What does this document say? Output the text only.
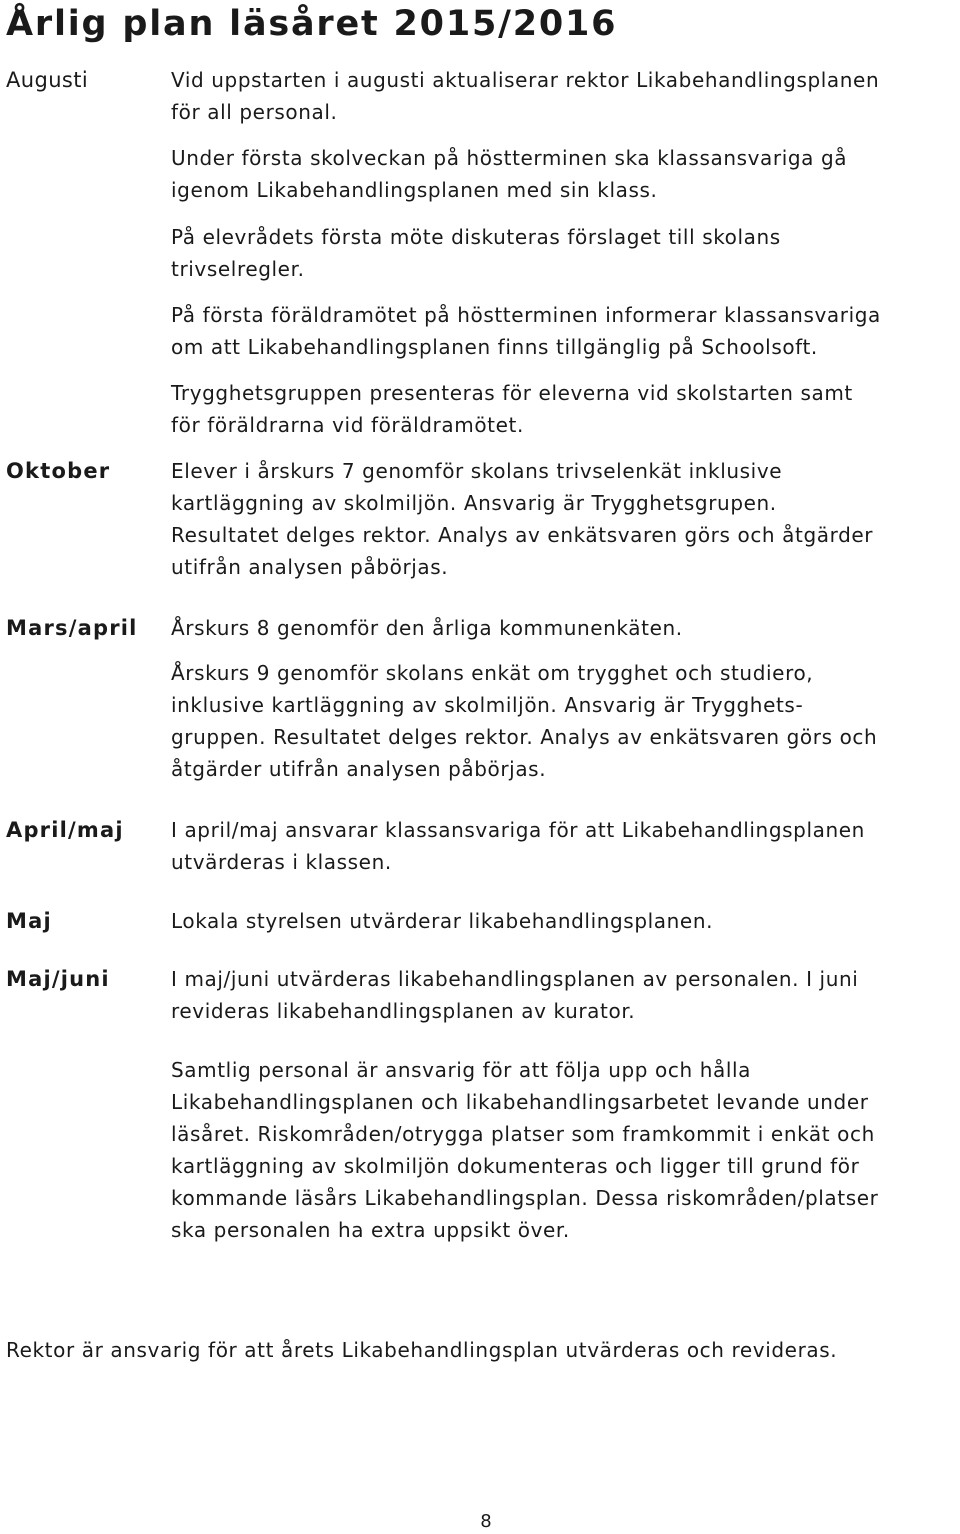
Årlig plan läsåret 2015/2016
Augusti
Oktober
Mars/april
April/maj
Maj
Maj/juni
Vid uppstarten i augusti aktualiserar rektor Likabehandlingsplanen
för all personal.
Under första skolveckan på höstterminen ska klassansvariga gå
igenom Likabehandlingsplanen med sin klass.
På elevrådets första möte diskuteras förslaget till skolans
trivselregler.
På första föräldramötet på höstterminen informerar klassansvariga
om att Likabehandlingsplanen finns tillgänglig på Schoolsoft.
Trygghetsgruppen presenteras för eleverna vid skolstarten samt
för föräldrarna vid föräldramötet.
Elever i årskurs 7 genomför skolans trivselenkät inklusive
kartläggning av skolmiljön. Ansvarig är Trygghetsgrupen.
Resultatet delges rektor. Analys av enkätsvaren görs och åtgärder
utifrån analysen påbörjas.
Årskurs 8 genomför den årliga kommunenkäten.
Årskurs 9 genomför skolans enkät om trygghet och studiero,
inklusive kartläggning av skolmiljön. Ansvarig är Trygghets-
gruppen. Resultatet delges rektor. Analys av enkätsvaren görs och
åtgärder utifrån analysen påbörjas.
I april/maj ansvarar klassansvariga för att Likabehandlingsplanen
utvärderas i klassen.
Lokala styrelsen utvärderar likabehandlingsplanen.
I maj/juni utvärderas likabehandlingsplanen av personalen. I juni
revideras likabehandlingsplanen av kurator.
Samtlig personal är ansvarig för att följa upp och hålla
Likabehandlingsplanen och likabehandlingsarbetet levande under
läsåret. Riskområden/otrygga platser som framkommit i enkät och
kartläggning av skolmiljön dokumenteras och ligger till grund för
kommande läsårs Likabehandlingsplan. Dessa riskområden/platser
ska personalen ha extra uppsikt över.

Rektor är ansvarig för att årets Likabehandlingsplan utvärderas och revideras.

8
